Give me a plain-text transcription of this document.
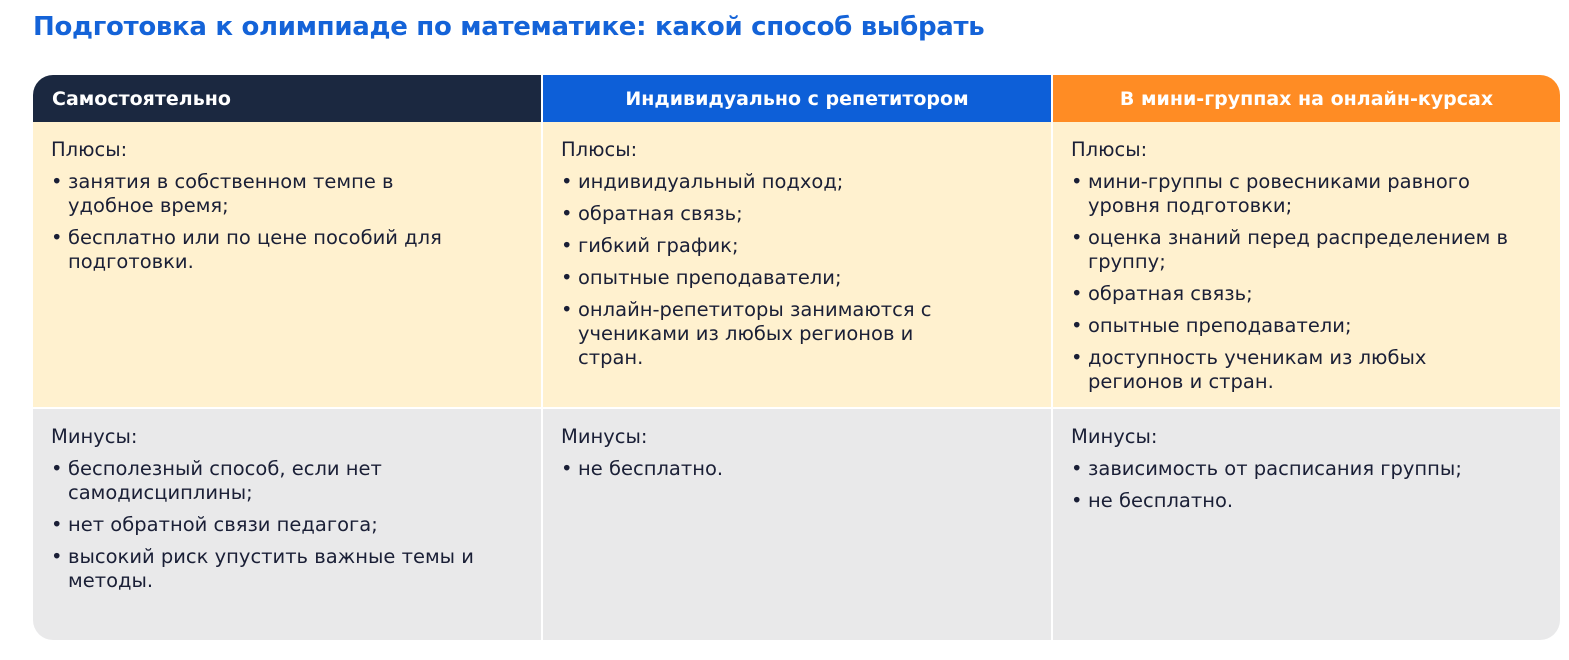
Подготовка к олимпиаде по математике: какой способ выбрать
Самостоятельно	Индивидуально с репетитором	В мини-группах на онлайн-курсах
Плюсы:
• занятия в собственном темпе в удобное время;
• бесплатно или по цене пособий для подготовки.
Плюсы:
• индивидуальный подход;
• обратная связь;
• гибкий график;
• опытные преподаватели;
• онлайн-репетиторы занимаются с учениками из любых регионов и стран.
Плюсы:
• мини-группы с ровесниками равного уровня подготовки;
• оценка знаний перед распределением в группу;
• обратная связь;
• опытные преподаватели;
• доступность ученикам из любых регионов и стран.
Минусы:
• бесполезный способ, если нет самодисциплины;
• нет обратной связи педагога;
• высокий риск упустить важные темы и методы.
Минусы:
• не бесплатно.
Минусы:
• зависимость от расписания группы;
• не бесплатно.
